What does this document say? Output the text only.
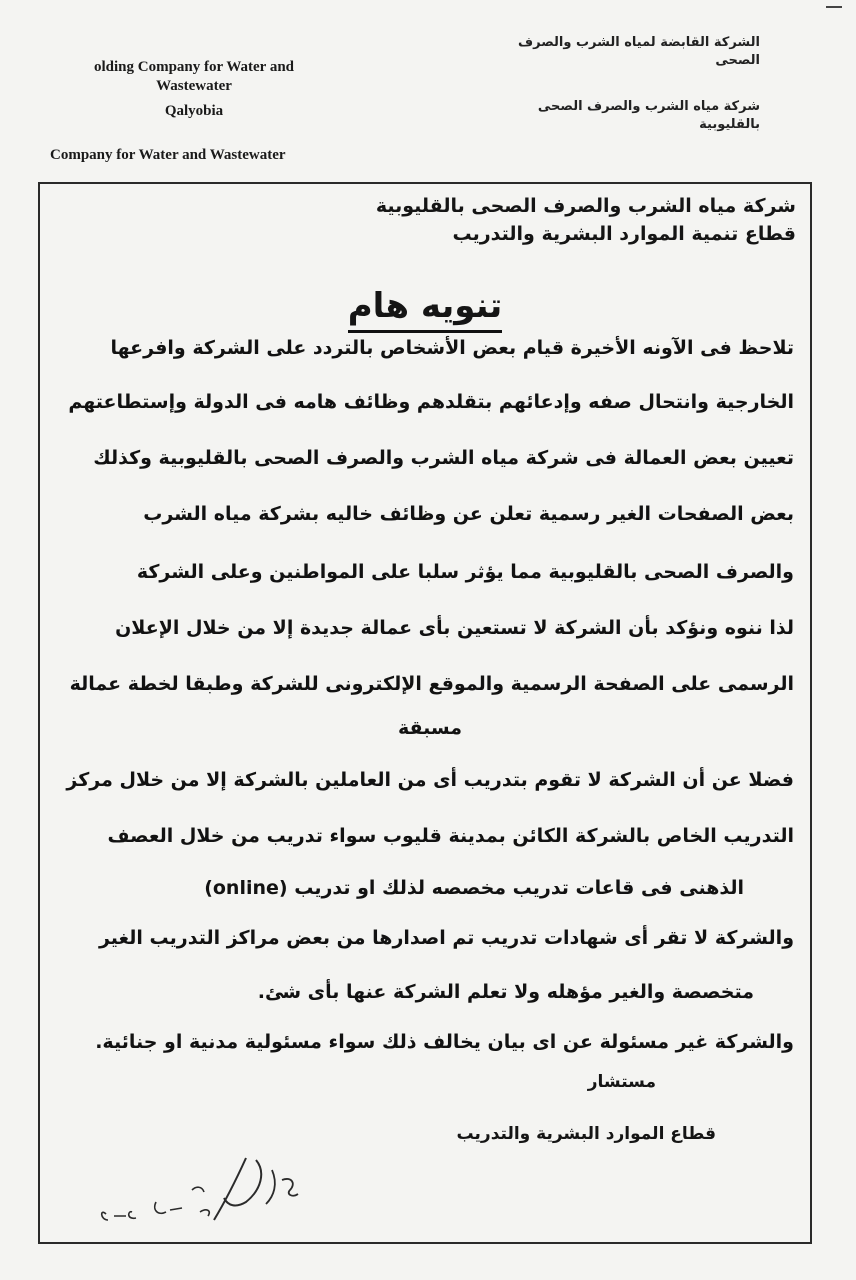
olding Company for Water and
Wastewater
Qalyobia
Company for Water and Wastewater
الشركة القابضة لمياه الشرب والصرف الصحى
شركة مياه الشرب والصرف الصحى بالقليوبية
شركة مياه الشرب والصرف الصحى بالقليوبية
قطاع تنمية الموارد البشرية والتدريب
تنويه هام
تلاحظ فى الآونه الأخيرة قيام بعض الأشخاص بالتردد على الشركة وافرعها
الخارجية وانتحال صفه وإدعائهم بتقلدهم وظائف هامه فى الدولة وإستطاعتهم
تعيين بعض العمالة فى شركة مياه الشرب والصرف الصحى بالقليوبية وكذلك
بعض الصفحات الغير رسمية تعلن عن وظائف خاليه بشركة مياه الشرب
والصرف الصحى بالقليوبية مما يؤثر سلبا على المواطنين وعلى الشركة
لذا ننوه ونؤكد بأن الشركة لا تستعين بأى عمالة جديدة إلا من خلال الإعلان
الرسمى على الصفحة الرسمية والموقع الإلكترونى للشركة وطبقا لخطة عمالة
مسبقة
فضلا عن أن الشركة لا تقوم بتدريب أى من العاملين بالشركة إلا من خلال مركز
التدريب الخاص بالشركة الكائن بمدينة قليوب سواء تدريب من خلال العصف
الذهنى فى قاعات تدريب مخصصه لذلك او تدريب (online)
والشركة لا تقر أى شهادات تدريب تم اصدارها من بعض مراكز التدريب الغير
متخصصة والغير مؤهله ولا تعلم الشركة عنها بأى شئ.
والشركة غير مسئولة عن اى بيان يخالف ذلك سواء مسئولية مدنية او جنائية.
مستشار
قطاع الموارد البشرية والتدريب
